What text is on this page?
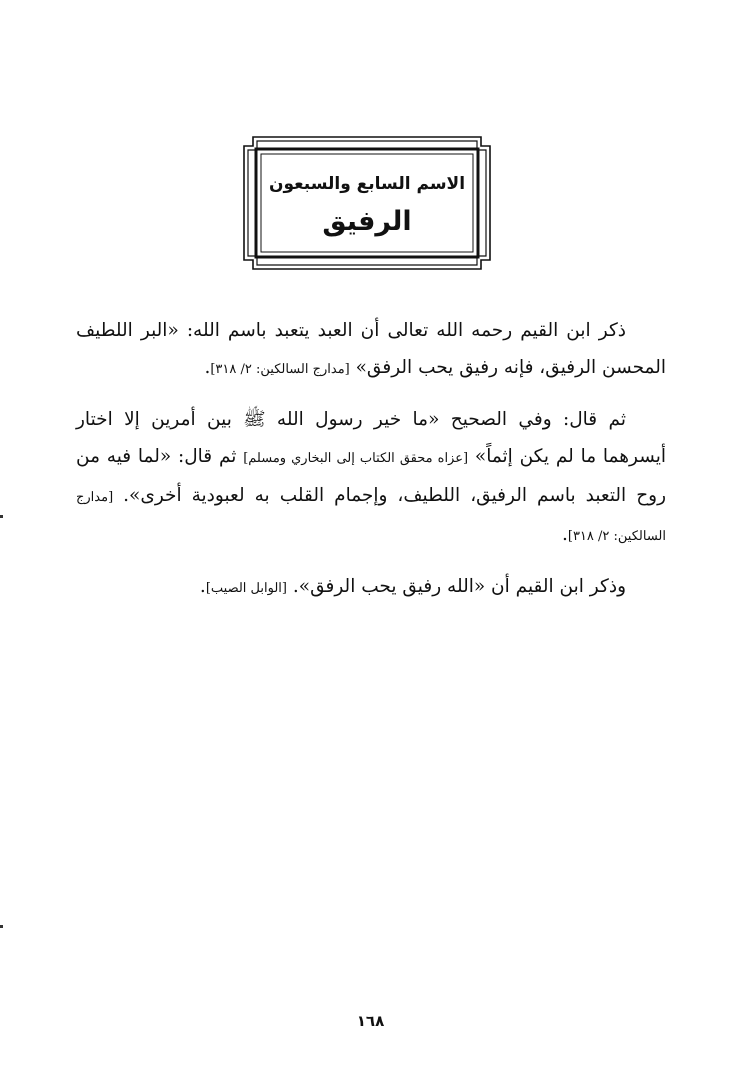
الاسم السابع والسبعون
الرفيق

ذكر ابن القيم رحمه الله تعالى أن العبد يتعبد باسم الله: «البر اللطيف المحسن الرفيق، فإنه رفيق يحب الرفق» [مدارج السالكين: ٢/ ٣١٨].

ثم قال: وفي الصحيح «ما خير رسول الله ﷺ بين أمرين إلا اختار أيسرهما ما لم يكن إثماً» [عزاه محقق الكتاب إلى البخاري ومسلم] ثم قال: «لما فيه من روح التعبد باسم الرفيق، اللطيف، وإجمام القلب به لعبودية أخرى». [مدارج السالكين: ٢/ ٣١٨].

وذكر ابن القيم أن «الله رفيق يحب الرفق». [الوابل الصيب].

١٦٨
